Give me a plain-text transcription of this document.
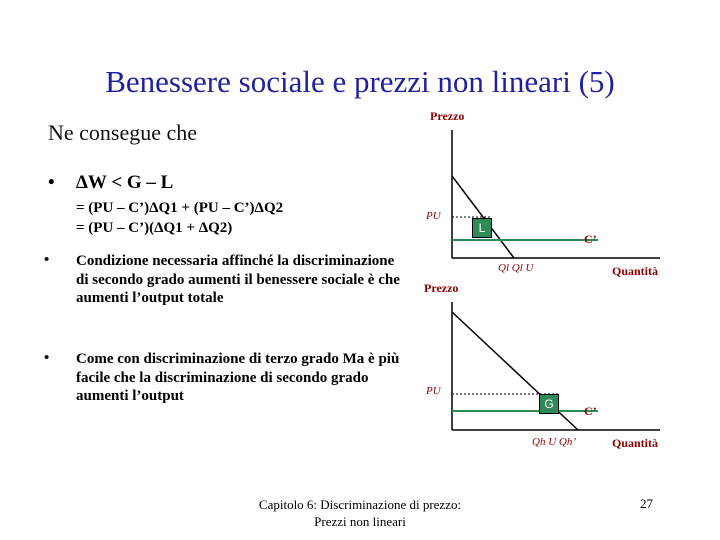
Benessere sociale e prezzi non lineari (5)
Ne consegue che
• ΔW < G – L
= (PU – C’)ΔQ1 + (PU – C’)ΔQ2
= (PU – C’)(ΔQ1 + ΔQ2)
• Condizione necessaria affinché la discriminazione di secondo grado aumenti il benessere sociale è che aumenti l’output totale
• Come con discriminazione di terzo grado Ma è più facile che la discriminazione di secondo grado aumenti l’output
Prezzo
PU
L
C’
Ql Ql U	Quantità
Prezzo
PU
G	C’
Qh U Qh’	Quantità
Capitolo 6: Discriminazione di prezzo: Prezzi non lineari
27
